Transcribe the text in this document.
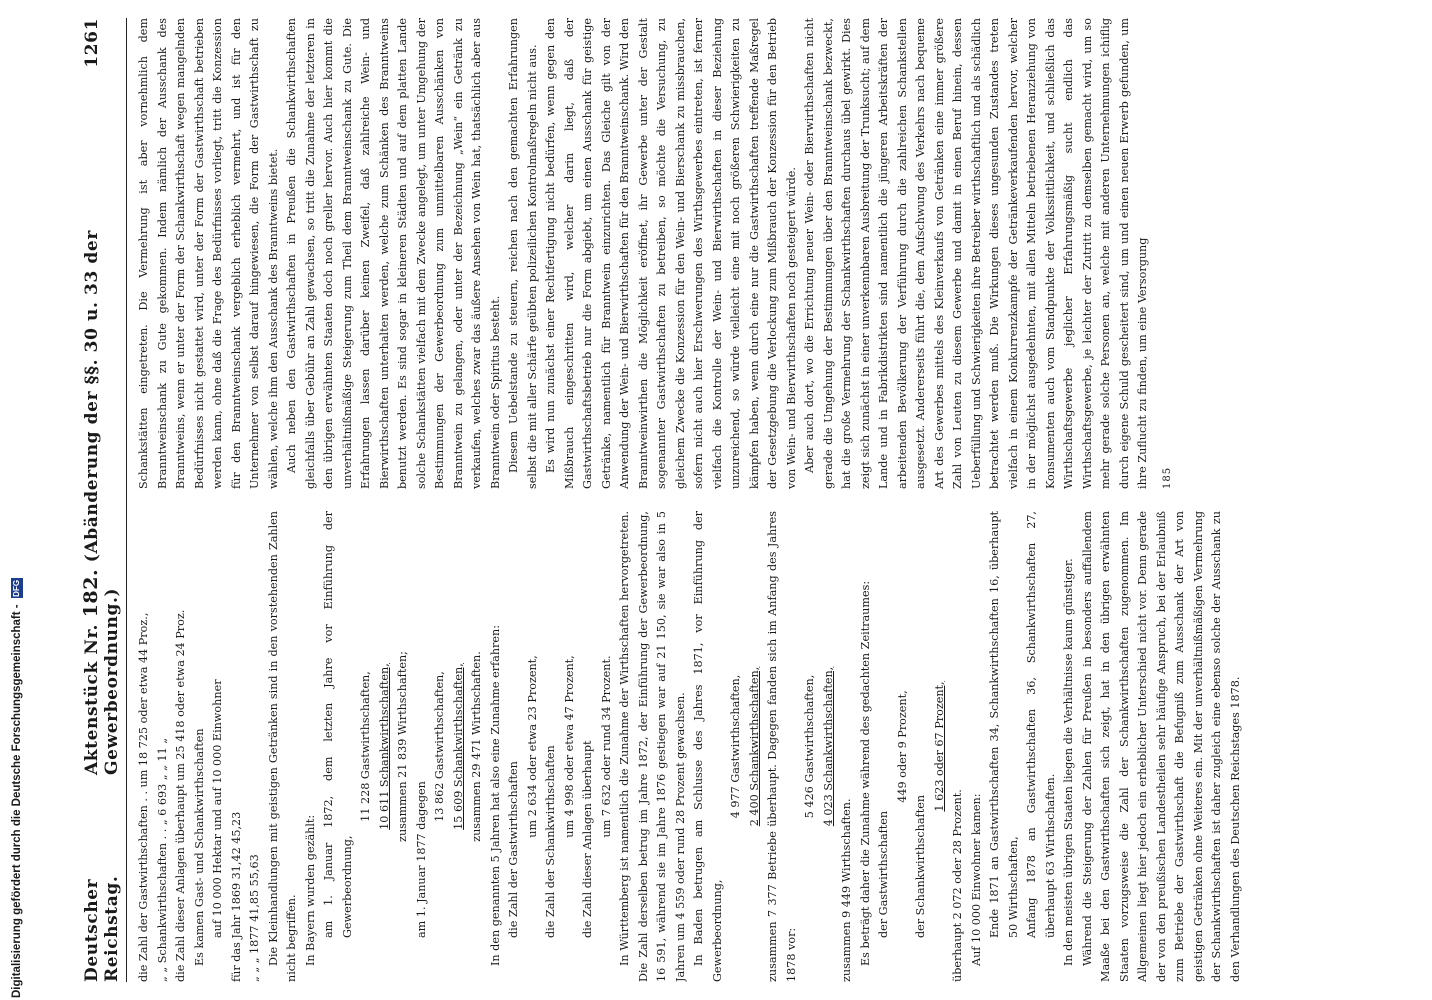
Deutscher Reichstag.
Aktenstück Nr. 182. (Abänderung der §§. 30 u. 33 der Gewerbeordnung.)
1261

die Zahl der Gastwirthschaften . . um 18 725 oder etwa 44 Proz., „ „ Schankwirthschaften . . „ 6 693 „ „ 11 „ die Zahl dieser Anlagen überhaupt um 25 418 oder etwa 24 Proz. Es kamen Gast- und Schankwirthschaften auf 10 000 Hektar und auf 10 000 Einwohner für das Jahr 1869 31,42 45,23 „ „ „ 1877 41,85 55,63 Die Kleinhandlungen mit geistigen Getränken sind in den vorstehenden Zahlen nicht begriffen. In Bayern wurden gezählt: am 1. Januar 1872, dem letzten Jahre vor Einführung der Gewerbeordnung,

11 228 Gastwirthschaften, 10 611 Schankwirthschaften, zusammen 21 839 Wirthschaften;

am 1. Januar 1877 dagegen

13 862 Gastwirthschaften, 15 609 Schankwirthschaften, zusammen 29 471 Wirthschaften. In den genannten 5 Jahren hat also eine Zunahme erfahren: die Zahl der Gastwirthschaften

um 2 634 oder etwa 23 Prozent, die Zahl der Schankwirthschaften um 4 998 oder etwa 47 Prozent, die Zahl dieser Anlagen überhaupt um 7 632 oder rund 34 Prozent. In Württemberg ist namentlich die Zunahme der Wirthschaften hervorgetreten. Die Zahl derselben betrug im Jahre 1872, der Einführung der Gewerbeordnung, 16 591, während sie im Jahre 1876 gestiegen war auf 21 150, sie war also in 5 Jahren um 4 559 oder rund 28 Prozent gewachsen. In Baden betrugen am Schlusse des Jahres 1871, vor Einführung der Gewerbeordnung,

4 977 Gastwirthschaften, 2 400 Schankwirthschaften, zusammen 7 377 Betriebe überhaupt. Dagegen fanden sich im Anfang des Jahres 1878 vor:

5 426 Gastwirthschaften, 4 023 Schankwirthschaften,

zusammen 9 449 Wirthschaften. Es beträgt daher die Zunahme während des gedachten Zeitraumes: der Gastwirthschaften

449 oder 9 Prozent,

der Schankwirthschaften

1 623 oder 67 Prozent,

überhaupt 2 072 oder 28 Prozent. Auf 10 000 Einwohner kamen: Ende 1871 an Gastwirthschaften 34, Schankwirthschaften 16, überhaupt 50 Wirthschaften, Anfang 1878 an Gastwirthschaften 36, Schankwirthschaften 27, überhaupt 63 Wirthschaften. In den meisten übrigen Staaten liegen die Verhältnisse kaum günstiger. Während die Steigerung der Zahlen für Preußen in besonders auffallendem Maaße bei den Gastwirthschaften sich zeigt, hat in den übrigen erwähnten Staaten vorzugsweise die Zahl der Schankwirthschaften zugenommen. Im Allgemeinen liegt hier jedoch ein erheblicher Unterschied nicht vor. Denn gerade der von den preußischen Landestheilen sehr häufige Anspruch, bei der Erlaubniß zum Betriebe der Gastwirthschaft die Befugniß zum Ausschank der Art von geistigen Getränken ohne Weiteres ein. Mit der unverhältnißmäßigen Vermehrung der Schankwirthschaften ist daher zugleich eine ebenso solche der Ausschank zu den Verhandlungen des Deutschen Reichstages 1878.

Schankstätten eingetreten. Die Vermehrung ist aber vornehmlich dem Branntweinschank zu Gute gekommen. Indem nämlich der Ausschank des Branntweins, wenn er unter der Form der Schankwirthschaft wegen mangelnden Bedürfnisses nicht gestattet wird, unter der Form der Gastwirthschaft betrieben werden kann, ohne daß die Frage des Bedürfnisses vorliegt, tritt die Konzession für den Branntweinschank vergeblich erheblich vermehrt, und ist für den Unternehmer von selbst darauf hingewiesen, die Form der Gastwirthschaft zu wählen, welche ihm den Ausschank des Branntweins bietet. Auch neben den Gastwirthschaften in Preußen die Schankwirthschaften gleichfalls über Gebühr an Zahl gewachsen, so tritt die Zunahme der letzteren in den übrigen erwähnten Staaten doch noch greller hervor. Auch hier kommt die unverhältnißmäßige Steigerung zum Theil dem Branntweinschank zu Gute. Die Erfahrungen lassen darüber keinen Zweifel, daß zahlreiche Wein- und Bierwirthschaften unterhalten werden, welche zum Schänken des Branntweins benutzt werden. Es sind sogar in kleineren Städten und auf dem platten Lande solche Schankstätten vielfach mit dem Zwecke angelegt, um unter Umgehung der Bestimmungen der Gewerbeordnung zum unmittelbaren Ausschänken von Branntwein zu gelangen, oder unter der Bezeichnung „Wein“ ein Getränk zu verkaufen, welches zwar das äußere Ansehen von Wein hat, thatsächlich aber aus Branntwein oder Spiritus besteht. Diesem Uebelstande zu steuern, reichen nach den gemachten Erfahrungen selbst die mit aller Schärfe geübten polizeilichen Kontrolmaßregeln nicht aus. Es wird nun zunächst einer Rechtfertigung nicht bedürfen, wenn gegen den Mißbrauch eingeschritten wird, welcher darin liegt, daß der Gastwirthschaftsbetrieb nur die Form abgiebt, um einen Ausschank für geistige Getränke, namentlich für Branntwein einzurichten. Das Gleiche gilt von der Anwendung der Wein- und Bierwirthschaften für den Branntweinschank. Wird den Branntweinwirthen die Möglichkeit eröffnet, ihr Gewerbe unter der Gestalt sogenannter Gastwirthschaften zu betreiben, so möchte die Versuchung, zu gleichem Zwecke die Konzession für den Wein- und Bierschank zu missbrauchen, sofern nicht auch hier Erschwerungen des Wirthsgewerbes eintreten, ist ferner vielfach die Kontrolle der Wein- und Bierwirthschaften in dieser Beziehung unzureichend, so würde vielleicht eine mit noch größeren Schwierigkeiten zu kämpfen haben, wenn durch eine nur die Gastwirthschaften treffende Maßregel der Gesetzgebung die Verlockung zum Mißbrauch der Konzession für den Betrieb von Wein- und Bierwirthschaften noch gesteigert würde. Aber auch dort, wo die Errichtung neuer Wein- oder Bierwirthschaften nicht gerade die Umgehung der Bestimmungen über den Branntweinschank bezweckt, hat die große Vermehrung der Schankwirthschaften durchaus übel gewirkt. Dies zeigt sich zunächst in einer unverkennbaren Ausbreitung der Trunksucht; auf dem Lande und in Fabrikdistrikten sind namentlich die jüngeren Arbeitskräften der arbeitenden Bevölkerung der Verführung durch die zahlreichen Schankstellen ausgesetzt. Andererseits führt die, dem Aufschwung des Verkehrs nach bequeme Art des Gewerbes mittels des Kleinverkaufs von Getränken eine immer größere Zahl von Leuten zu diesem Gewerbe und damit in einen Beruf hinein, dessen Ueberfüllung und Schwierigkeiten ihre Betreiber wirthschaftlich und als schädlich betrachtet werden muß. Die Wirkungen dieses ungesunden Zustandes treten vielfach in einem Konkurrenzkampfe der Getränkeverkaufenden hervor, welcher in der möglichst ausgedehnten, mit allen Mitteln betriebenen Heranziehung von Konsumenten auch vom Standpunkte der Volkssittlichkeit, und schließlich das Wirthschaftsgewerbe jeglicher Erfahrungsmäßig sucht endlich das Wirthschaftsgewerbe, je leichter der Zutritt zu demselben gemacht wird, um so mehr gerade solche Personen an, welche mit anderen Unternehmungen ichiflig durch eigene Schuld gescheitert sind, um und einen neuen Erwerb gefunden, um ihre Zuflucht zu finden, um eine Versorgung	185

Digitalisierung gefördert durch die Deutsche Forschungsgemeinschaft -
DFG
